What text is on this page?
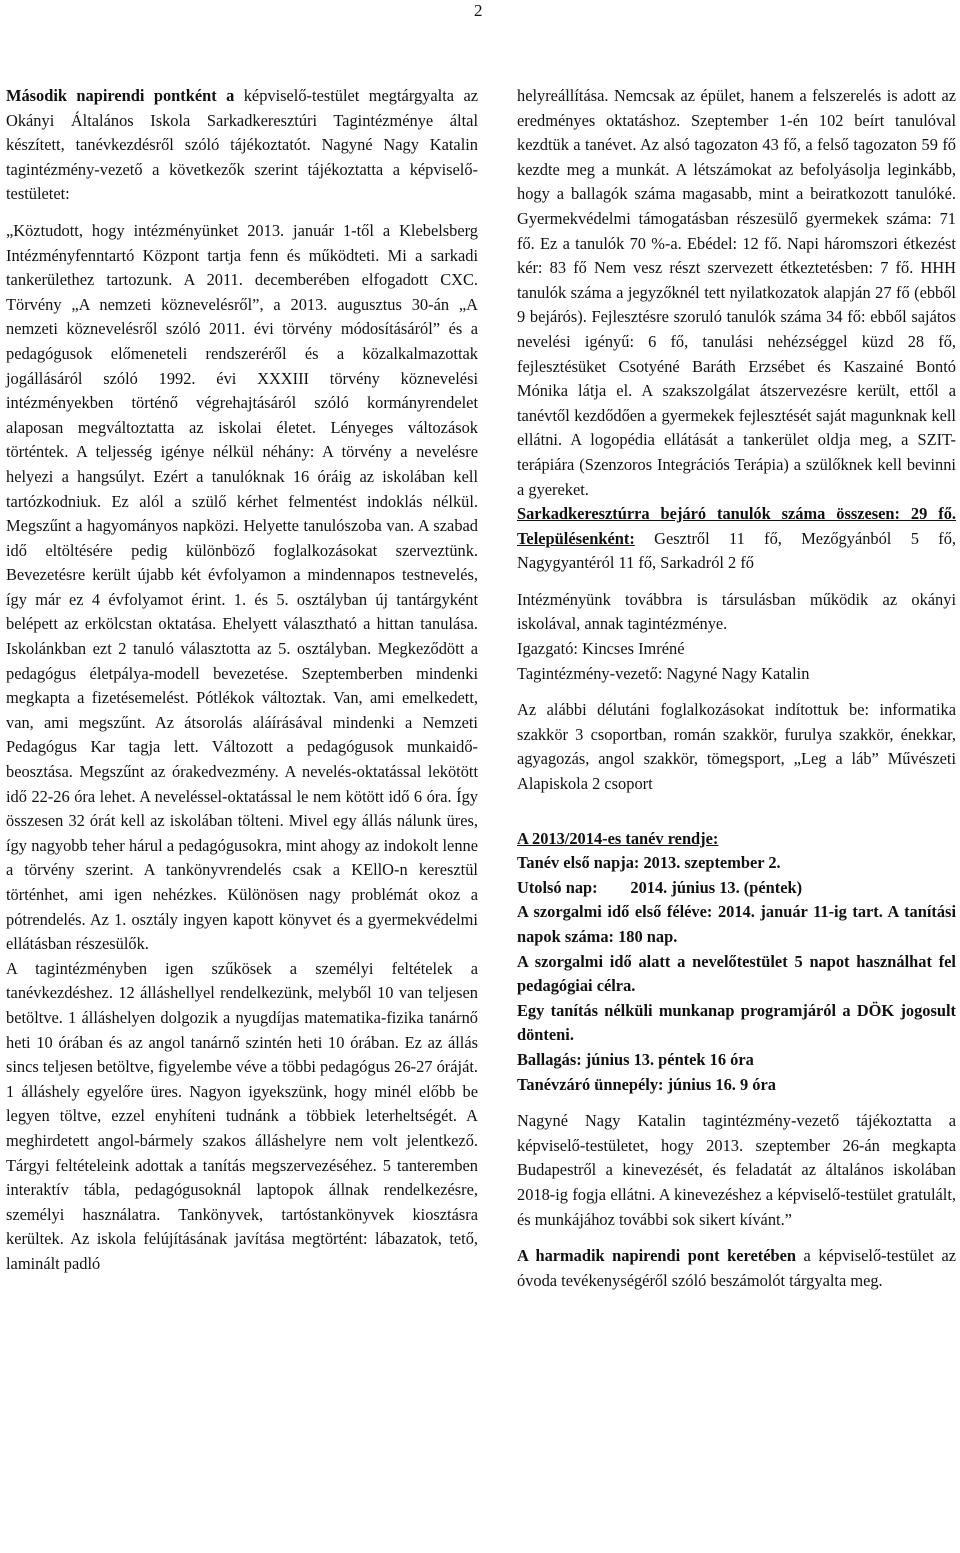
2

Második napirendi pontként a képviselő-testület megtárgyalta az Okányi Általános Iskola Sarkadkeresztúri Tagintézménye által készített, tanévkezdésről szóló tájékoztatót. Nagyné Nagy Katalin tagintézmény-vezető a következők szerint tájékoztatta a képviselő-testületet:

„Köztudott, hogy intézményünket 2013. január 1-től a Klebelsberg Intézményfenntartó Központ tartja fenn és működteti. Mi a sarkadi tankerülethez tartozunk. A 2011. decemberében elfogadott CXC. Törvény „A nemzeti köznevelésről”, a 2013. augusztus 30-án „A nemzeti köznevelésről szóló 2011. évi törvény módosításáról” és a pedagógusok előmeneteli rendszeréről és a közalkalmazottak jogállásáról szóló 1992. évi XXXIII törvény köznevelési intézményekben történő végrehajtásáról szóló kormányrendelet alaposan megváltoztatta az iskolai életet. Lényeges változások történtek. A teljesség igénye nélkül néhány: A törvény a nevelésre helyezi a hangsúlyt. Ezért a tanulóknak 16 óráig az iskolában kell tartózkodniuk. Ez alól a szülő kérhet felmentést indoklás nélkül. Megszűnt a hagyományos napközi. Helyette tanulószoba van. A szabad idő eltöltésére pedig különböző foglalkozásokat szerveztünk. Bevezetésre került újabb két évfolyamon a mindennapos testnevelés, így már ez 4 évfolyamot érint. 1. és 5. osztályban új tantárgyként belépett az erkölcstan oktatása. Ehelyett választható a hittan tanulása. Iskolánkban ezt 2 tanuló választotta az 5. osztályban. Megkeződött a pedagógus életpálya-modell bevezetése. Szeptemberben mindenki megkapta a fizetésemelést. Pótlékok változtak. Van, ami emelkedett, van, ami megszűnt. Az átsorolás aláírásával mindenki a Nemzeti Pedagógus Kar tagja lett. Változott a pedagógusok munkaidő-beosztása. Megszűnt az órakedvezmény. A nevelés-oktatással lekötött idő 22-26 óra lehet. A neveléssel-oktatással le nem kötött idő 6 óra. Így összesen 32 órát kell az iskolában tölteni. Mivel egy állás nálunk üres, így nagyobb teher hárul a pedagógusokra, mint ahogy az indokolt lenne a törvény szerint. A tankönyvrendelés csak a KEllO-n keresztül történhet, ami igen nehézkes. Különösen nagy problémát okoz a pótrendelés. Az 1. osztály ingyen kapott könyvet és a gyermekvédelmi ellátásban részesülők.

A tagintézményben igen szűkösek a személyi feltételek a tanévkezdéshez. 12 álláshellyel rendelkezünk, melyből 10 van teljesen betöltve. 1 álláshelyen dolgozik a nyugdíjas matematika-fizika tanárnő heti 10 órában és az angol tanárnő szintén heti 10 órában. Ez az állás sincs teljesen betöltve, figyelembe véve a többi pedagógus 26-27 óráját. 1 álláshely egyelőre üres. Nagyon igyekszünk, hogy minél előbb be legyen töltve, ezzel enyhíteni tudnánk a többiek leterheltségét. A meghirdetett angol-bármely szakos álláshelyre nem volt jelentkező. Tárgyi feltételeink adottak a tanítás megszervezéséhez. 5 tanteremben interaktív tábla, pedagógusoknál laptopok állnak rendelkezésre, személyi használatra. Tankönyvek, tartóstankönyvek kiosztásra kerültek. Az iskola felújításának javítása megtörtént: lábazatok, tető, laminált padló

helyreállítása. Nemcsak az épület, hanem a felszerelés is adott az eredményes oktatáshoz. Szeptember 1-én 102 beírt tanulóval kezdtük a tanévet. Az alsó tagozaton 43 fő, a felső tagozaton 59 fő kezdte meg a munkát. A létszámokat az befolyásolja leginkább, hogy a ballagók száma magasabb, mint a beiratkozott tanulóké. Gyermekvédelmi támogatásban részesülő gyermekek száma: 71 fő. Ez a tanulók 70 %-a. Ebédel: 12 fő. Napi háromszori étkezést kér: 83 fő Nem vesz részt szervezett étkeztetésben: 7 fő. HHH tanulók száma a jegyzőknél tett nyilatkozatok alapján 27 fő (ebből 9 bejárós). Fejlesztésre szoruló tanulók száma 34 fő: ebből sajátos nevelési igényű: 6 fő, tanulási nehézséggel küzd 28 fő, fejlesztésüket Csotyéné Baráth Erzsébet és Kaszainé Bontó Mónika látja el. A szakszolgálat átszervezésre került, ettől a tanévtől kezdődően a gyermekek fejlesztését saját magunknak kell ellátni. A logopédia ellátását a tankerület oldja meg, a SZIT-terápiára (Szenzoros Integrációs Terápia) a szülőknek kell bevinni a gyereket.

Sarkadkeresztúrra bejáró tanulók száma összesen: 29 fő. Településenként: Gesztről 11 fő, Mezőgyánból 5 fő, Nagygyantéról 11 fő, Sarkadról 2 fő

Intézményünk továbbra is társulásban működik az okányi iskolával, annak tagintézménye.

Igazgató: Kincses Imréné

Tagintézmény-vezető: Nagyné Nagy Katalin

Az alábbi délutáni foglalkozásokat indítottuk be: informatika szakkör 3 csoportban, román szakkör, furulya szakkör, énekkar, agyagozás, angol szakkör, tömegsport, „Leg a láb” Művészeti Alapiskola 2 csoport

A 2013/2014-es tanév rendje:

Tanév első napja: 2013. szeptember 2.

Utolsó nap:        2014. június 13. (péntek)

A szorgalmi idő első féléve: 2014. január 11-ig tart. A tanítási napok száma: 180 nap.

A szorgalmi idő alatt a nevelőtestület 5 napot használhat fel pedagógiai célra.

Egy tanítás nélküli munkanap programjáról a DÖK jogosult dönteni.

Ballagás: június 13. péntek 16 óra

Tanévzáró ünnepély: június 16. 9 óra

Nagyné Nagy Katalin tagintézmény-vezető tájékoztatta a képviselő-testületet, hogy 2013. szeptember 26-án megkapta Budapestről a kinevezését, és feladatát az általános iskolában 2018-ig fogja ellátni. A kinevezéshez a képviselő-testület gratulált, és munkájához további sok sikert kívánt.”

A harmadik napirendi pont keretében a képviselő-testület az óvoda tevékenységéről szóló beszámolót tárgyalta meg.
